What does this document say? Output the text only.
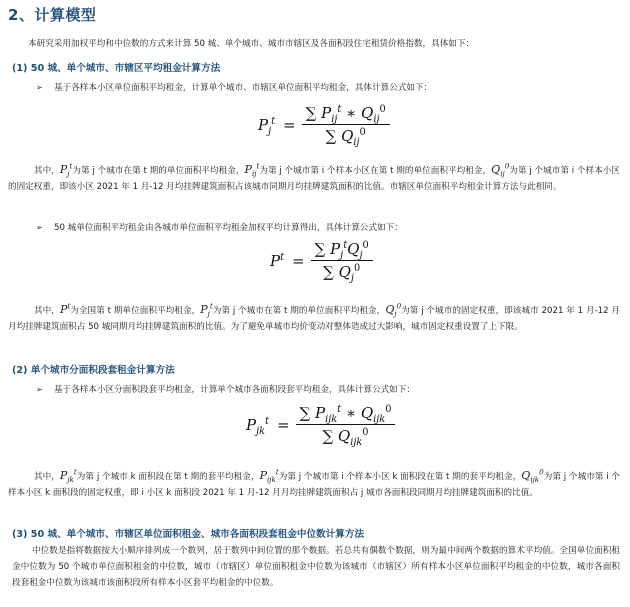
2、计算模型

本研究采用加权平均和中位数的方式来计算 50 城、单个城市、城市市辖区及各面积段住宅租赁价格指数，具体如下：

(1) 50 城、单个城市、市辖区平均租金计算方法

➢ 基于各样本小区单位面积平均租金，计算单个城市、市辖区单位面积平均租金，具体计算公式如下：

$P_j^t = \frac{\sum P_{ij}^t ∗ Q_{ij}^0}{\sum Q_{ij}^0}$

其中，$P_j^t$为第 j 个城市在第 t 期的单位面积平均租金，$P_{ij}^t$为第 j 个城市第 i 个样本小区在第 t 期的单位面积平均租金，$Q_{ij}^0$为第 j 个城市第 i 个样本小区的固定权重，即该小区 2021 年 1 月-12 月均挂牌建筑面积占该城市同期月均挂牌建筑面积的比值。市辖区单位面积平均租金计算方法与此相同。

➢ 50 城单位面积平均租金由各城市单位面积平均租金加权平均计算得出，具体计算公式如下：

$P^t = \frac{\sum P_j^tQ_j^0}{\sum Q_j^0}$

其中，$P^t$为全国第 t 期单位面积平均租金，$P_j^t$为第 j 个城市在第 t 期的单位面积平均租金，$Q_j^0$为第 j 个城市的固定权重，即该城市 2021 年 1 月-12 月月均挂牌建筑面积占 50 城同期月均挂牌建筑面积的比值。为了避免单城市均价变动对整体造成过大影响，城市固定权重设置了上下限。

(2) 单个城市分面积段套租金计算方法

➢ 基于各样本小区分面积段套平均租金，计算单个城市各面积段套平均租金，具体计算公式如下：

$P_{jk}^t = \frac{\sum P_{ijk}^t ∗ Q_{ijk}^0}{\sum Q_{ijk}^0}$

其中，$P_{jk}^t$为第 j 个城市 k 面积段在第 t 期的套平均租金，$P_{ijk}^t$为第 j 个城市第 i 个样本小区 k 面积段在第 t 期的套平均租金，$Q_{ijk}^0$为第 j 个城市第 i 个样本小区 k 面积段的固定权重，即 i 小区 k 面积段 2021 年 1 月-12 月月均挂牌建筑面积占 j 城市各面积段同期月均挂牌建筑面积的比值。

(3) 50 城、单个城市、市辖区单位面积租金、城市各面积段套租金中位数计算方法

中位数是指将数据按大小顺序排列成一个数列，居于数列中间位置的那个数据。若总共有偶数个数据，则为最中间两个数据的算术平均值。全国单位面积租金中位数为 50 个城市单位面积租金的中位数，城市（市辖区）单位面积租金中位数为该城市（市辖区）所有样本小区单位面积平均租金的中位数，城市各面积段套租金中位数为该城市该面积段所有样本小区套平均租金的中位数。
